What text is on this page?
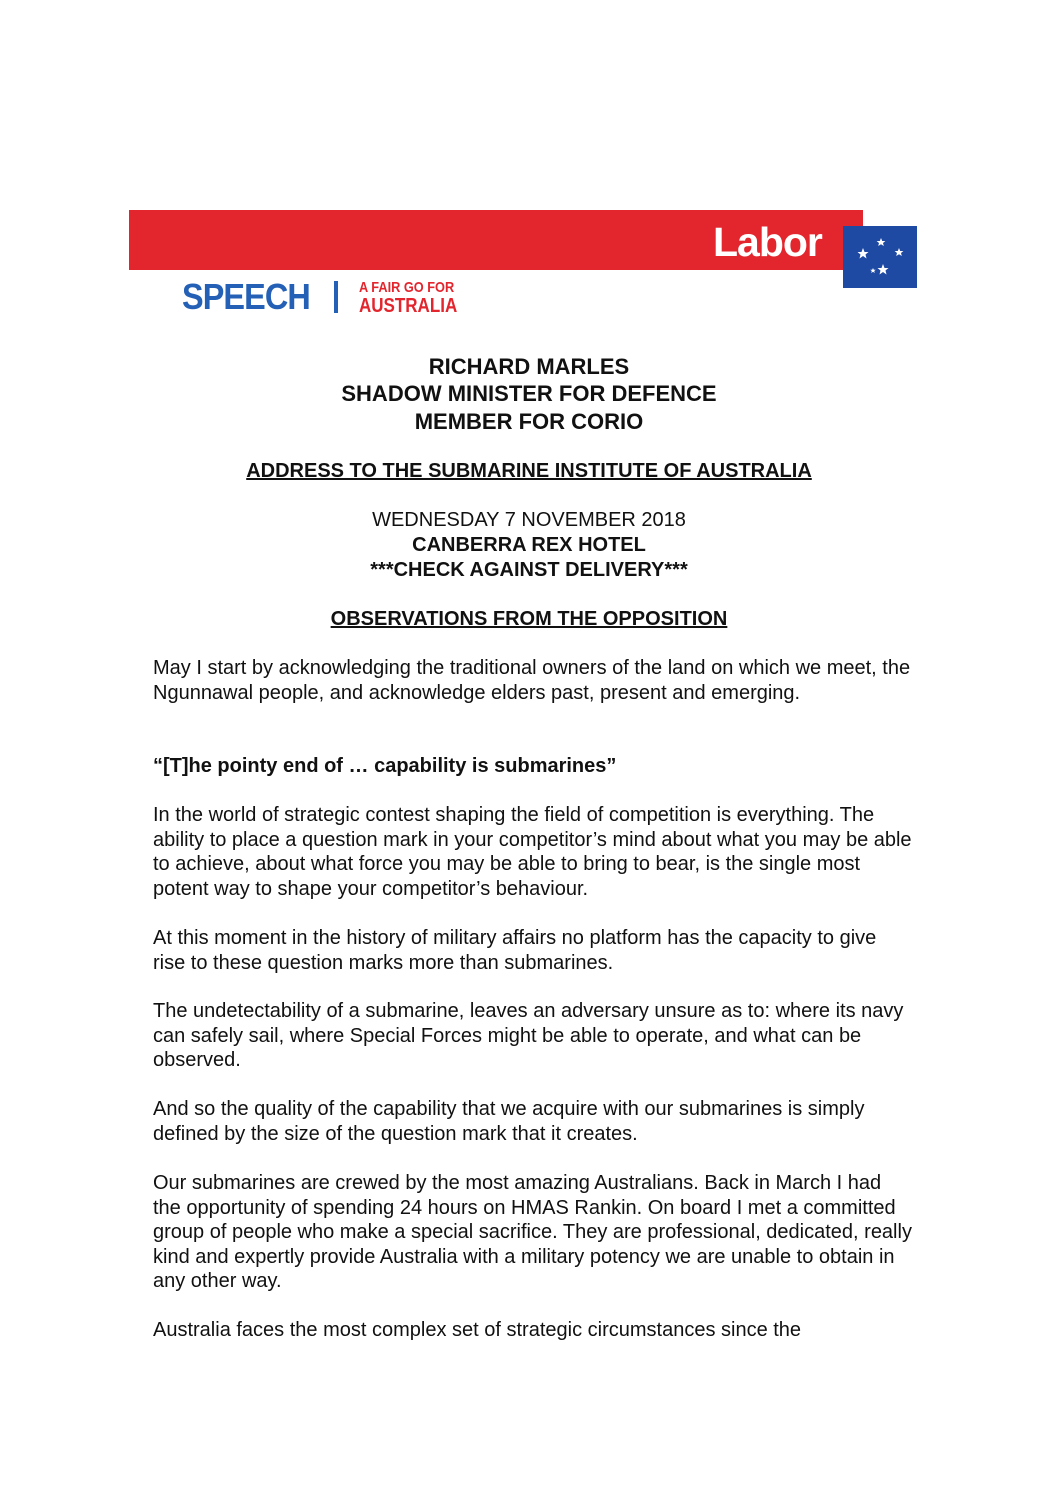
Labor
SPEECH	A FAIR GO FOR
AUSTRALIA
RICHARD MARLES
SHADOW MINISTER FOR DEFENCE
MEMBER FOR CORIO
ADDRESS TO THE SUBMARINE INSTITUTE OF AUSTRALIA
WEDNESDAY 7 NOVEMBER 2018
CANBERRA REX HOTEL
***CHECK AGAINST DELIVERY***
OBSERVATIONS FROM THE OPPOSITION

May I start by acknowledging the traditional owners of the land on which we meet, the Ngunnawal people, and acknowledge elders past, present and emerging.

“[T]he pointy end of … capability is submarines”

In the world of strategic contest shaping the field of competition is everything. The ability to place a question mark in your competitor’s mind about what you may be able to achieve, about what force you may be able to bring to bear, is the single most potent way to shape your competitor’s behaviour.

At this moment in the history of military affairs no platform has the capacity to give rise to these question marks more than submarines.

The undetectability of a submarine, leaves an adversary unsure as to: where its navy can safely sail, where Special Forces might be able to operate, and what can be observed.

And so the quality of the capability that we acquire with our submarines is simply defined by the size of the question mark that it creates.

Our submarines are crewed by the most amazing Australians. Back in March I had the opportunity of spending 24 hours on HMAS Rankin. On board I met a committed group of people who make a special sacrifice. They are professional, dedicated, really kind and expertly provide Australia with a military potency we are unable to obtain in any other way.

Australia faces the most complex set of strategic circumstances since the
